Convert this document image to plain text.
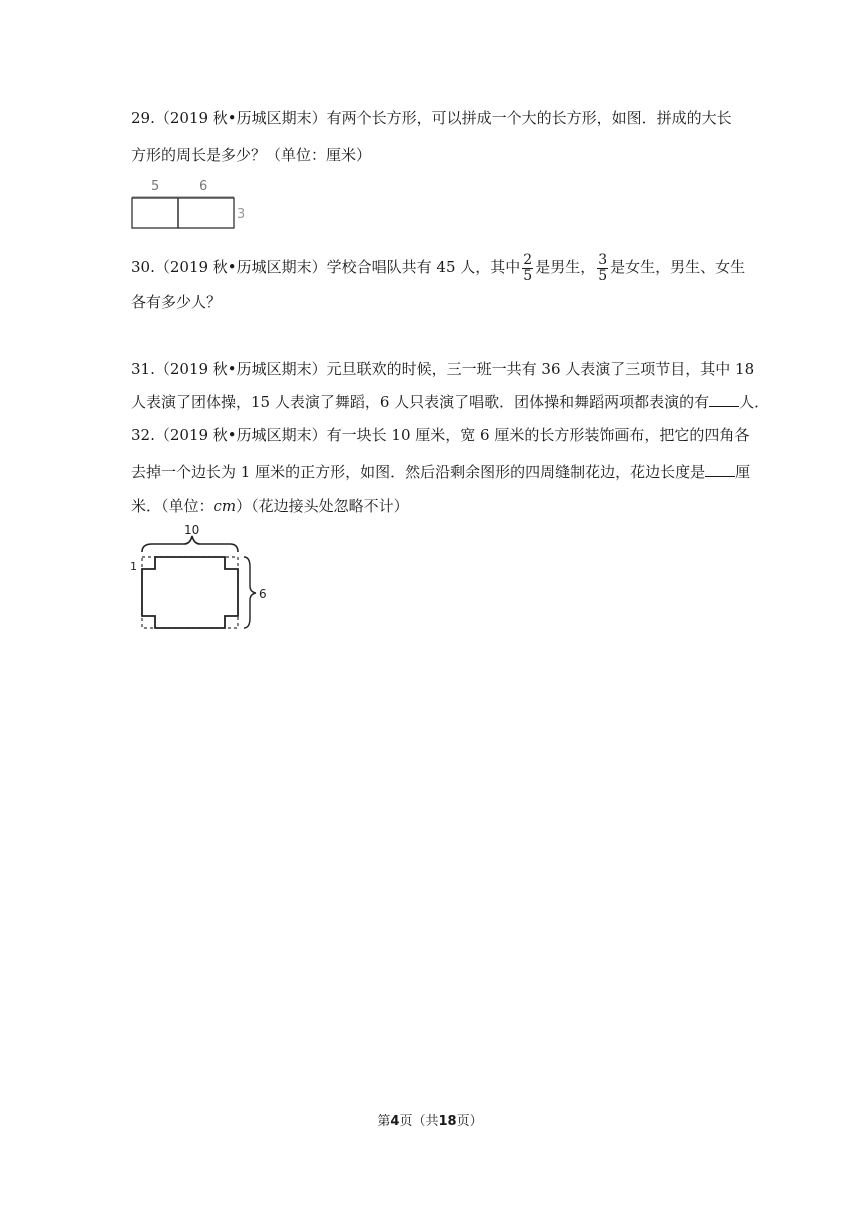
29.（2019 秋•历城区期末）有两个长方形，可以拼成一个大的长方形，如图．拼成的大长
方形的周长是多少？（单位：厘米）
5	6
3
30.（2019 秋•历城区期末）学校合唱队共有 45 人，其中 $\frac{2}{5}$ 是男生， $\frac{3}{5}$ 是女生，男生、女生
各有多少人？
31.（2019 秋•历城区期末）元旦联欢的时候，三一班一共有 36 人表演了三项节目，其中 18
人表演了团体操，15 人表演了舞蹈，6 人只表演了唱歌．团体操和舞蹈两项都表演的有 人．
32.（2019 秋•历城区期末）有一块长 10 厘米，宽 6 厘米的长方形装饰画布，把它的四角各
去掉一个边长为 1 厘米的正方形，如图．然后沿剩余图形的四周缝制花边，花边长度是 厘
米．（单位：cm）（花边接头处忽略不计）
10
1
6
第4页（共18页）
